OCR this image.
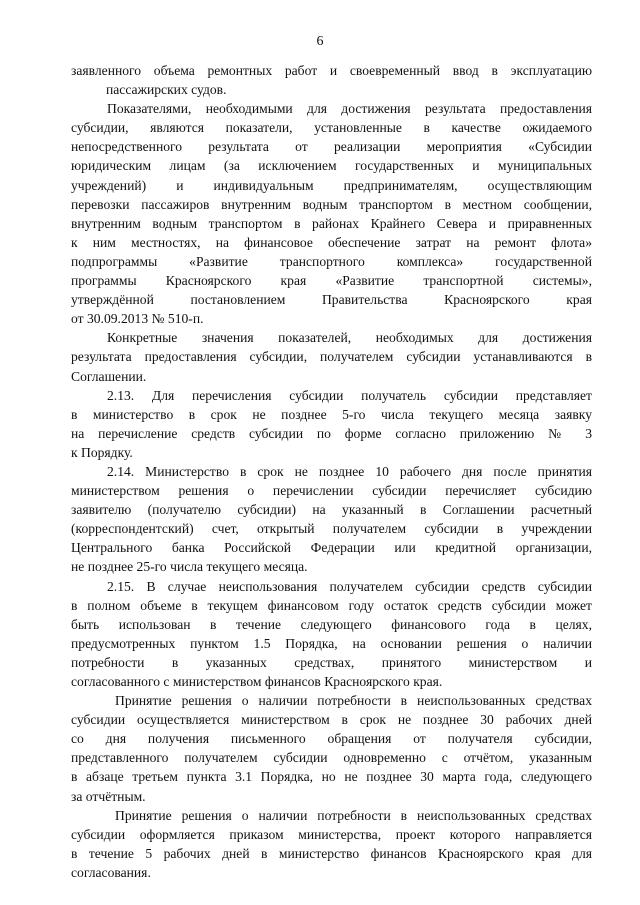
6

заявленного объема ремонтных работ и своевременный ввод в эксплуатацию
пассажирских судов.

Показателями, необходимыми для достижения результата предоставления
субсидии, являются показатели, установленные в качестве ожидаемого
непосредственного результата от реализации мероприятия «Субсидии
юридическим лицам (за исключением государственных и муниципальных
учреждений) и индивидуальным предпринимателям, осуществляющим
перевозки пассажиров внутренним водным транспортом в местном сообщении,
внутренним водным транспортом в районах Крайнего Севера и приравненных
к ним местностях, на финансовое обеспечение затрат на ремонт флота»
подпрограммы «Развитие транспортного комплекса» государственной
программы Красноярского края «Развитие транспортной системы»,
утверждённой постановлением Правительства Красноярского края
от 30.09.2013 № 510-п.

Конкретные значения показателей, необходимых для достижения
результата предоставления субсидии, получателем субсидии устанавливаются в
Соглашении.

2.13. Для перечисления субсидии получатель субсидии представляет
в министерство в срок не позднее 5-го числа текущего месяца заявку
на перечисление средств субсидии по форме согласно приложению № 3
к Порядку.

2.14. Министерство в срок не позднее 10 рабочего дня после принятия
министерством решения о перечислении субсидии перечисляет субсидию
заявителю (получателю субсидии) на указанный в Соглашении расчетный
(корреспондентский) счет, открытый получателем субсидии в учреждении
Центрального банка Российской Федерации или кредитной организации,
не позднее 25-го числа текущего месяца.

2.15. В случае неиспользования получателем субсидии средств субсидии
в полном объеме в текущем финансовом году остаток средств субсидии может
быть использован в течение следующего финансового года в целях,
предусмотренных пунктом 1.5 Порядка, на основании решения о наличии
потребности в указанных средствах, принятого министерством и
согласованного с министерством финансов Красноярского края.

Принятие решения о наличии потребности в неиспользованных средствах
субсидии осуществляется министерством в срок не позднее 30 рабочих дней
со дня получения письменного обращения от получателя субсидии,
представленного получателем субсидии одновременно с отчётом, указанным
в абзаце третьем пункта 3.1 Порядка, но не позднее 30 марта года, следующего
за отчётным.

Принятие решения о наличии потребности в неиспользованных средствах
субсидии оформляется приказом министерства, проект которого направляется
в течение 5 рабочих дней в министерство финансов Красноярского края для
согласования.
